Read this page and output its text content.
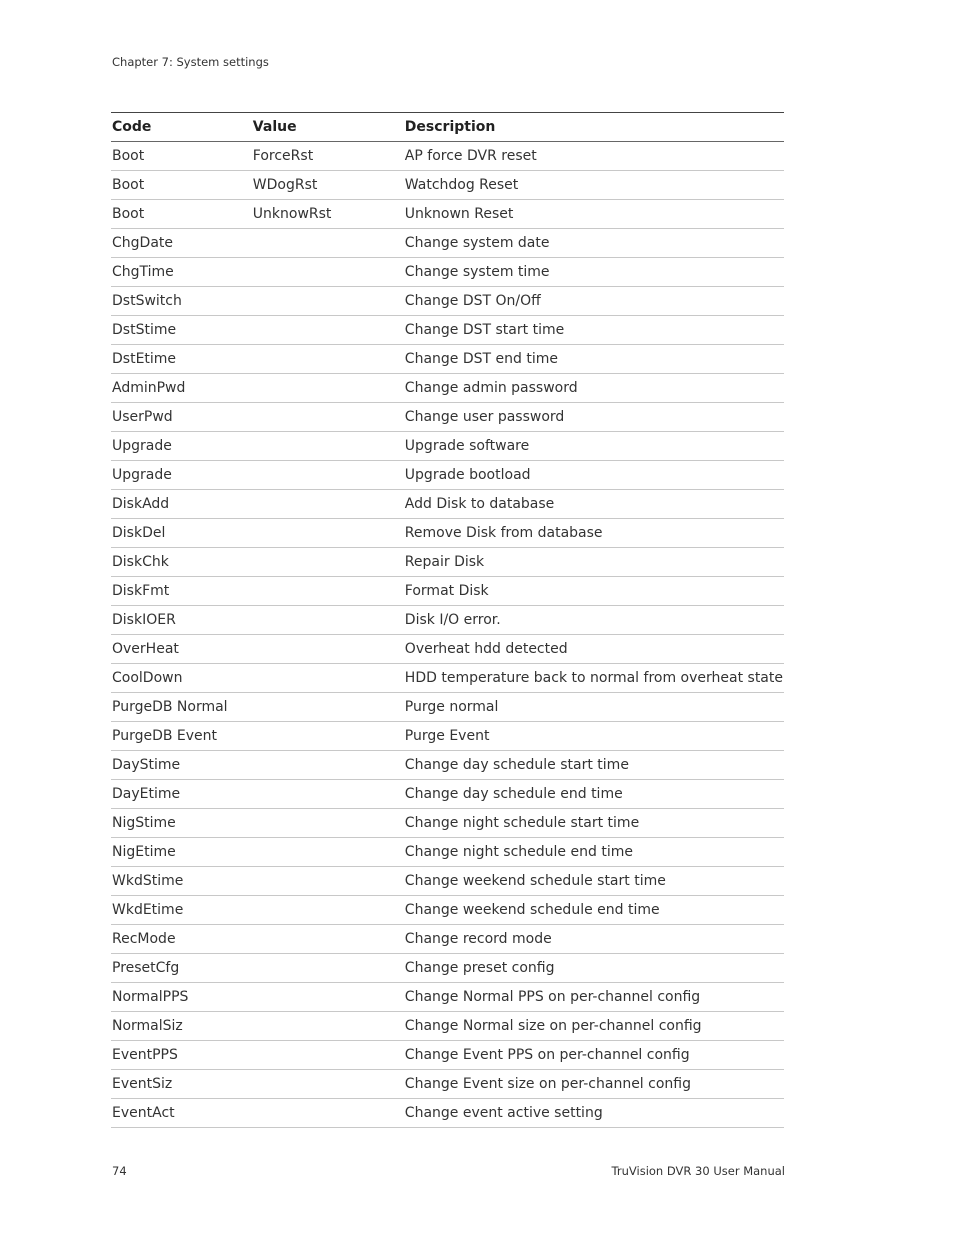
Chapter 7: System settings
Code	Value	Description
Boot	ForceRst	AP force DVR reset
Boot	WDogRst	Watchdog Reset
Boot	UnknowRst	Unknown Reset
ChgDate		Change system date
ChgTime		Change system time
DstSwitch		Change DST On/Off
DstStime		Change DST start time
DstEtime		Change DST end time
AdminPwd		Change admin password
UserPwd		Change user password
Upgrade		Upgrade software
Upgrade		Upgrade bootload
DiskAdd		Add Disk to database
DiskDel		Remove Disk from database
DiskChk		Repair Disk
DiskFmt		Format Disk
DiskIOER		Disk I/O error.
OverHeat		Overheat hdd detected
CoolDown		HDD temperature back to normal from overheat state
PurgeDB Normal		Purge normal
PurgeDB Event		Purge Event
DayStime		Change day schedule start time
DayEtime		Change day schedule end time
NigStime		Change night schedule start time
NigEtime		Change night schedule end time
WkdStime		Change weekend schedule start time
WkdEtime		Change weekend schedule end time
RecMode		Change record mode
PresetCfg		Change preset config
NormalPPS		Change Normal PPS on per-channel config
NormalSiz		Change Normal size on per-channel config
EventPPS		Change Event PPS on per-channel config
EventSiz		Change Event size on per-channel config
EventAct		Change event active setting
74	TruVision DVR 30 User Manual
